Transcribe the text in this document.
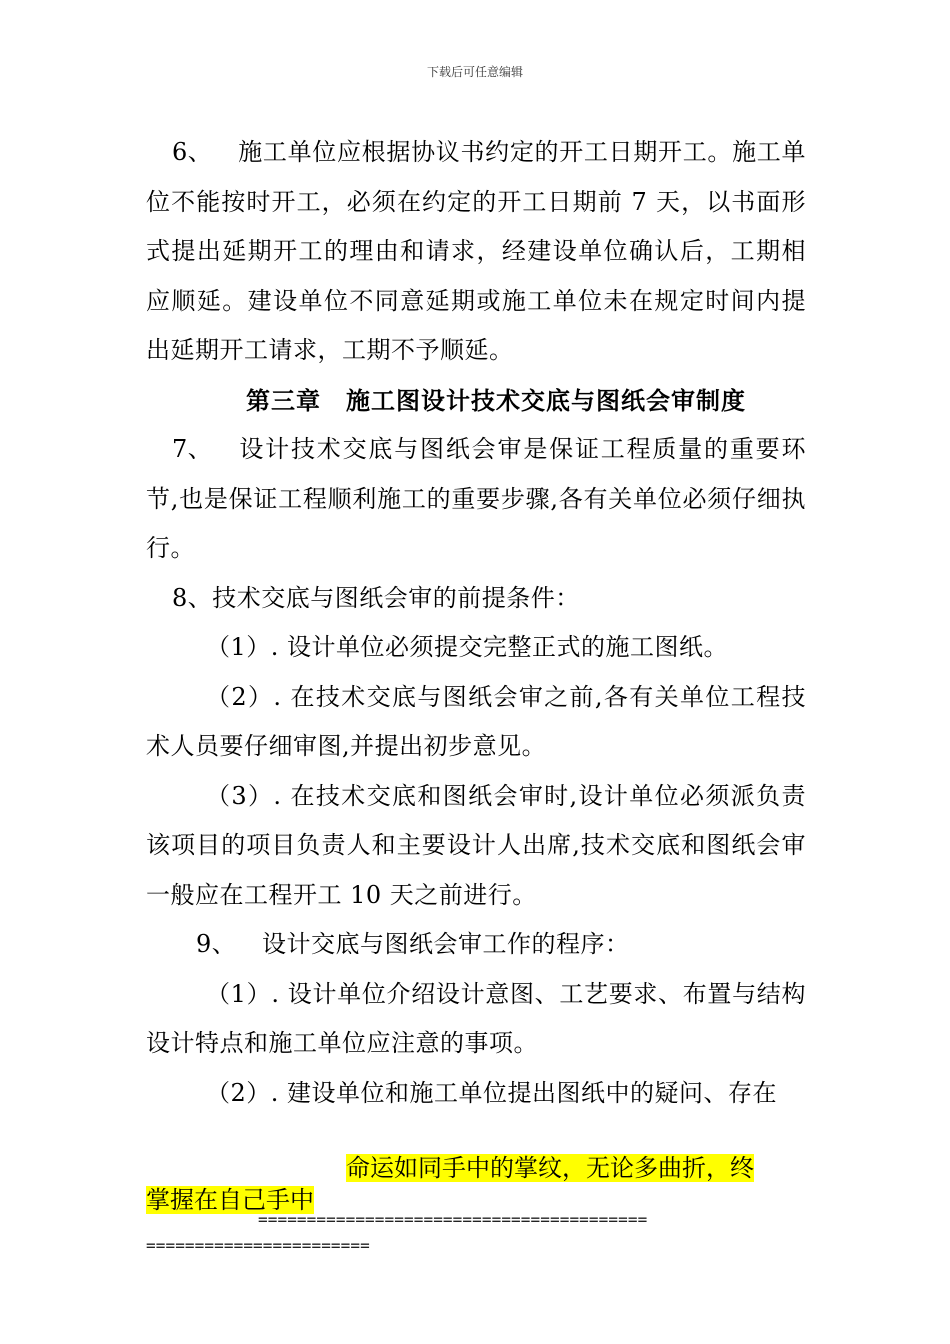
下载后可任意编辑

6、 施工单位应根据协议书约定的开工日期开工。施工单位不能按时开工，必须在约定的开工日期前 7 天，以书面形式提出延期开工的理由和请求，经建设单位确认后，工期相应顺延。建设单位不同意延期或施工单位未在规定时间内提出延期开工请求，工期不予顺延。

第三章　施工图设计技术交底与图纸会审制度

7、 设计技术交底与图纸会审是保证工程质量的重要环节,也是保证工程顺利施工的重要步骤,各有关单位必须仔细执行。

8、技术交底与图纸会审的前提条件：

（1）. 设计单位必须提交完整正式的施工图纸。

（2）. 在技术交底与图纸会审之前,各有关单位工程技术人员要仔细审图,并提出初步意见。

（3）. 在技术交底和图纸会审时,设计单位必须派负责该项目的项目负责人和主要设计人出席,技术交底和图纸会审一般应在工程开工 10 天之前进行。

9、 设计交底与图纸会审工作的程序：

（1）. 设计单位介绍设计意图、工艺要求、布置与结构设计特点和施工单位应注意的事项。

（2）. 建设单位和施工单位提出图纸中的疑问、存在

命运如同手中的掌纹，无论多曲折，终
掌握在自己手中
========================================
=======================
